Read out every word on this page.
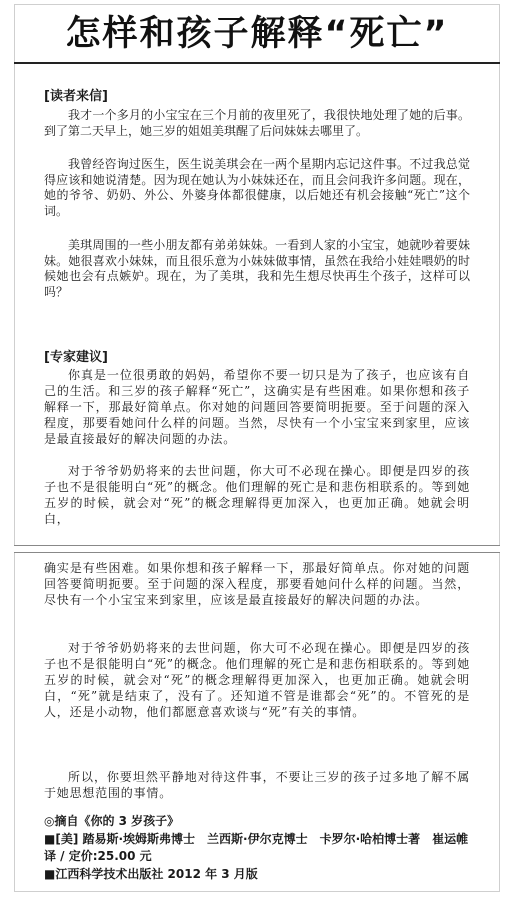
怎样和孩子解释“死亡”
[读者来信]

我才一个多月的小宝宝在三个月前的夜里死了，我很快地处理了她的后事。到了第二天早上，她三岁的姐姐美琪醒了后问妹妹去哪里了。

我曾经咨询过医生，医生说美琪会在一两个星期内忘记这件事。不过我总觉得应该和她说清楚。因为现在她认为小妹妹还在，而且会问我许多问题。现在，她的爷爷、奶奶、外公、外婆身体都很健康，以后她还有机会接触“死亡”这个词。

美琪周围的一些小朋友都有弟弟妹妹。一看到人家的小宝宝，她就吵着要妹妹。她很喜欢小妹妹，而且很乐意为小妹妹做事情，虽然在我给小娃娃喂奶的时候她也会有点嫉妒。现在，为了美琪，我和先生想尽快再生个孩子，这样可以吗？

[专家建议]

你真是一位很勇敢的妈妈，希望你不要一切只是为了孩子，也应该有自己的生活。和三岁的孩子解释“死亡”，这确实是有些困难。如果你想和孩子解释一下，那最好简单点。你对她的问题回答要简明扼要。至于问题的深入程度，那要看她问什么样的问题。当然，尽快有一个小宝宝来到家里，应该是最直接最好的解决问题的办法。

对于爷爷奶奶将来的去世问题，你大可不必现在操心。即便是四岁的孩子也不是很能明白“死”的概念。他们理解的死亡是和悲伤相联系的。等到她五岁的时候，就会对“死”的概念理解得更加深入，也更加正确。她就会明白，

确实是有些困难。如果你想和孩子解释一下，那最好简单点。你对她的问题回答要简明扼要。至于问题的深入程度，那要看她问什么样的问题。当然，尽快有一个小宝宝来到家里，应该是最直接最好的解决问题的办法。

对于爷爷奶奶将来的去世问题，你大可不必现在操心。即便是四岁的孩子也不是很能明白“死”的概念。他们理解的死亡是和悲伤相联系的。等到她五岁的时候，就会对“死”的概念理解得更加深入，也更加正确。她就会明白，“死”就是结束了，没有了。还知道不管是谁都会“死”的。不管死的是人，还是小动物，他们都愿意喜欢谈与“死”有关的事情。

所以，你要坦然平静地对待这件事，不要让三岁的孩子过多地了解不属于她思想范围的事情。

◎摘自《你的 3 岁孩子》

■[美] 踏易斯·埃姆斯弗博士　兰西斯·伊尔克博士　卡罗尔·哈柏博士著　崔运帷译 / 定价:25.00 元

■江西科学技术出版社 2012 年 3 月版
